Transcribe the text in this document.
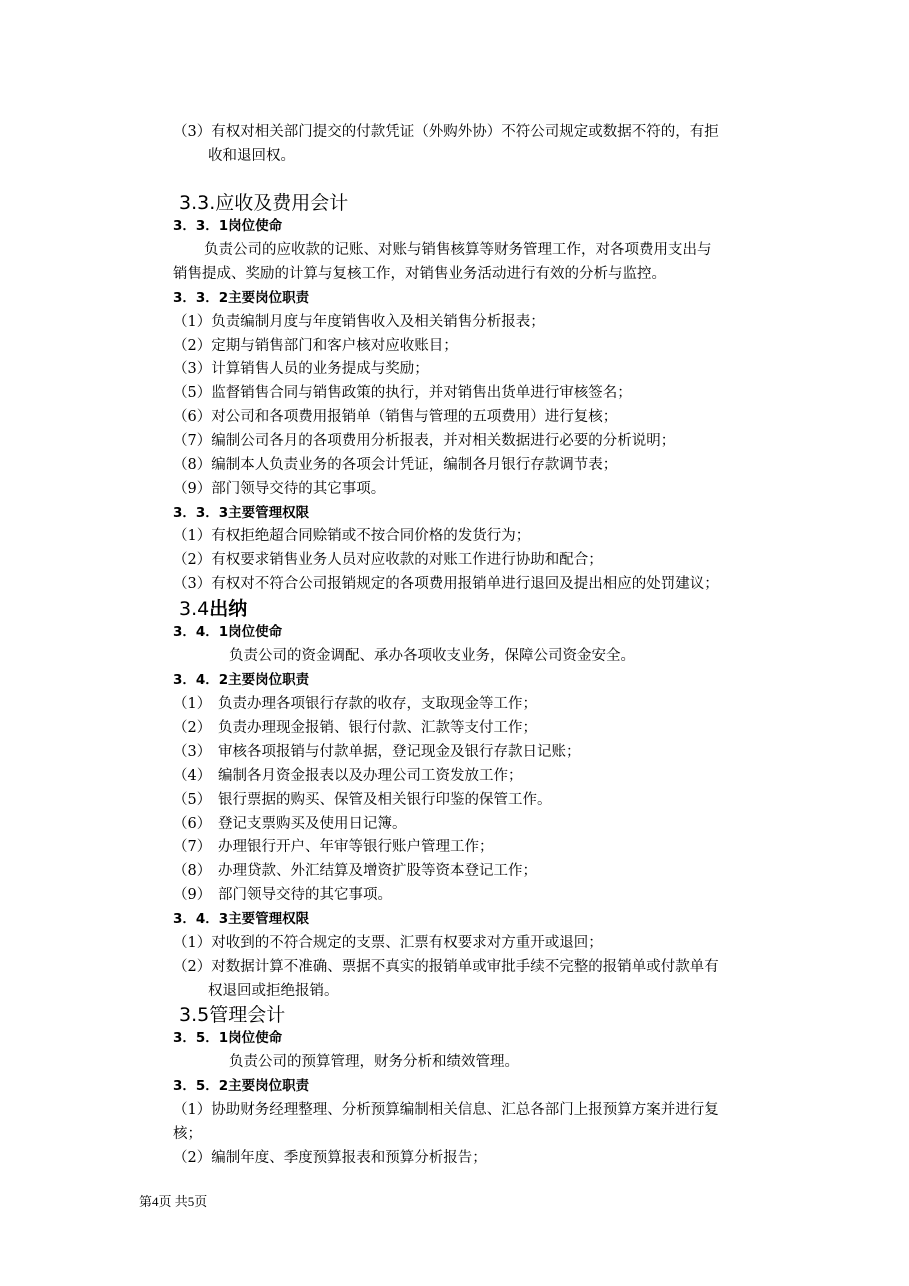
（3）有权对相关部门提交的付款凭证（外购外协）不符公司规定或数据不符的，有拒
收和退回权。
3.3.应收及费用会计
3．3．1岗位使命
负责公司的应收款的记账、对账与销售核算等财务管理工作，对各项费用支出与
销售提成、奖励的计算与复核工作，对销售业务活动进行有效的分析与监控。
3．3．2主要岗位职责
（1）负责编制月度与年度销售收入及相关销售分析报表；
（2）定期与销售部门和客户核对应收账目；
（3）计算销售人员的业务提成与奖励；
（5）监督销售合同与销售政策的执行，并对销售出货单进行审核签名；
（6）对公司和各项费用报销单（销售与管理的五项费用）进行复核；
（7）编制公司各月的各项费用分析报表，并对相关数据进行必要的分析说明；
（8）编制本人负责业务的各项会计凭证，编制各月银行存款调节表；
（9）部门领导交待的其它事项。
3．3．3主要管理权限
（1）有权拒绝超合同赊销或不按合同价格的发货行为；
（2）有权要求销售业务人员对应收款的对账工作进行协助和配合；
（3）有权对不符合公司报销规定的各项费用报销单进行退回及提出相应的处罚建议；
3.4出纳
3．4．1岗位使命
负责公司的资金调配、承办各项收支业务，保障公司资金安全。
3．4．2主要岗位职责
（1） 负责办理各项银行存款的收存，支取现金等工作；
（2） 负责办理现金报销、银行付款、汇款等支付工作；
（3） 审核各项报销与付款单据，登记现金及银行存款日记账；
（4） 编制各月资金报表以及办理公司工资发放工作；
（5） 银行票据的购买、保管及相关银行印鉴的保管工作。
（6） 登记支票购买及使用日记簿。
（7） 办理银行开户、年审等银行账户管理工作；
（8） 办理贷款、外汇结算及增资扩股等资本登记工作；
（9） 部门领导交待的其它事项。
3．4．3主要管理权限
（1）对收到的不符合规定的支票、汇票有权要求对方重开或退回；
（2）对数据计算不准确、票据不真实的报销单或审批手续不完整的报销单或付款单有
权退回或拒绝报销。
3.5管理会计
3．5．1岗位使命
负责公司的预算管理，财务分析和绩效管理。
3．5．2主要岗位职责
（1）协助财务经理整理、分析预算编制相关信息、汇总各部门上报预算方案并进行复
核；
（2）编制年度、季度预算报表和预算分析报告；
第4页 共5页
